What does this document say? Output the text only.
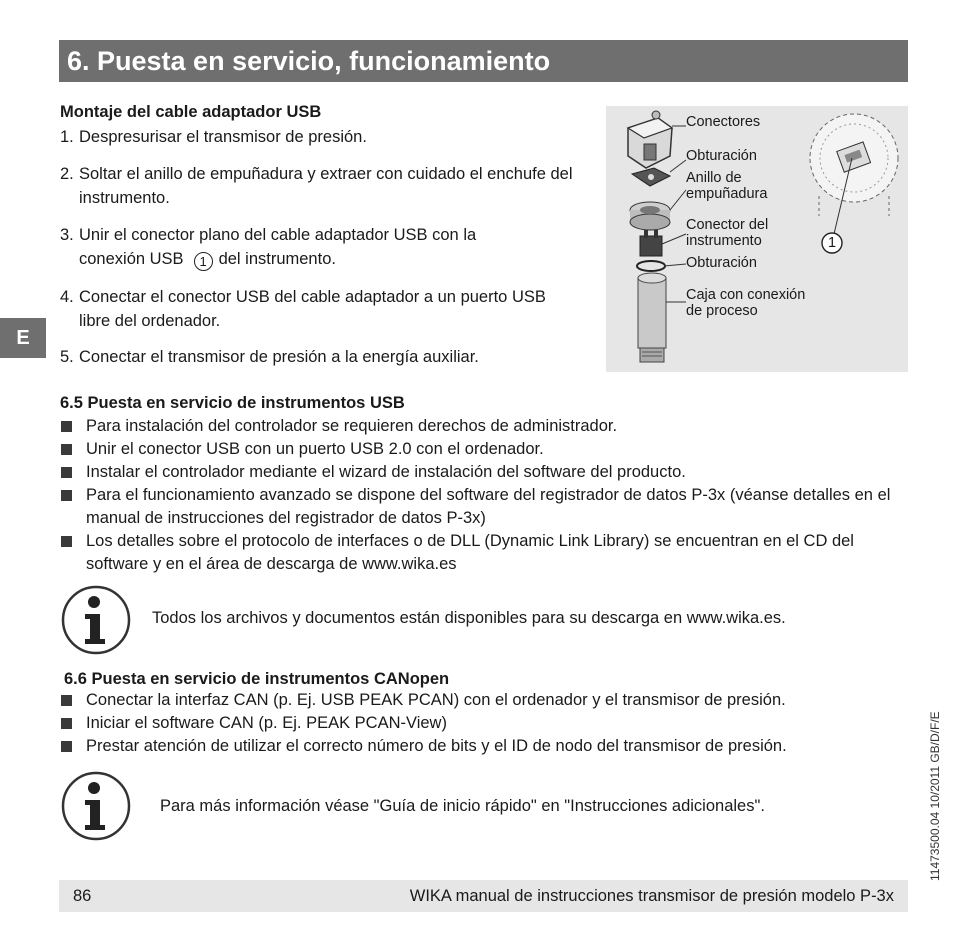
6. Puesta en servicio, funcionamiento
E
Montaje del cable adaptador USB
1. Despresurisar el transmisor de presión.
2. Soltar el anillo de empuñadura y extraer con cuidado el enchufe del instrumento.
3. Unir el conector plano del cable adaptador USB con la conexión USB 1 del instrumento.
4. Conectar el conector USB del cable adaptador a un puerto USB libre del ordenador.
5. Conectar el transmisor de presión a la energía auxiliar.
Conectores
Obturación
Anillo de
empuñadura
Conector del
instrumento
Obturación
Caja con conexión
de proceso
1
6.5 Puesta en servicio de instrumentos USB
Para instalación del controlador se requieren derechos de administrador.
Unir el conector USB con un puerto USB 2.0 con el ordenador.
Instalar el controlador mediante el wizard de instalación del software del producto.
Para el funcionamiento avanzado se dispone del software del registrador de datos P-3x (véanse detalles en el manual de instrucciones del registrador de datos P-3x)
Los detalles sobre el protocolo de interfaces o de DLL (Dynamic Link Library) se encuentran en el CD del software y en el área de descarga de www.wika.es
Todos los archivos y documentos están disponibles para su descarga en www.wika.es.
6.6 Puesta en servicio de instrumentos CANopen
Conectar la interfaz CAN (p. Ej. USB PEAK PCAN) con el ordenador y el transmisor de presión.
Iniciar el software CAN (p. Ej. PEAK PCAN-View)
Prestar atención de utilizar el correcto número de bits y el ID de nodo del transmisor de presión.
Para más información véase "Guía de inicio rápido" en "Instrucciones adicionales".
86	WIKA manual de instrucciones transmisor de presión modelo P-3x
11473500.04 10/2011 GB/D/F/E
